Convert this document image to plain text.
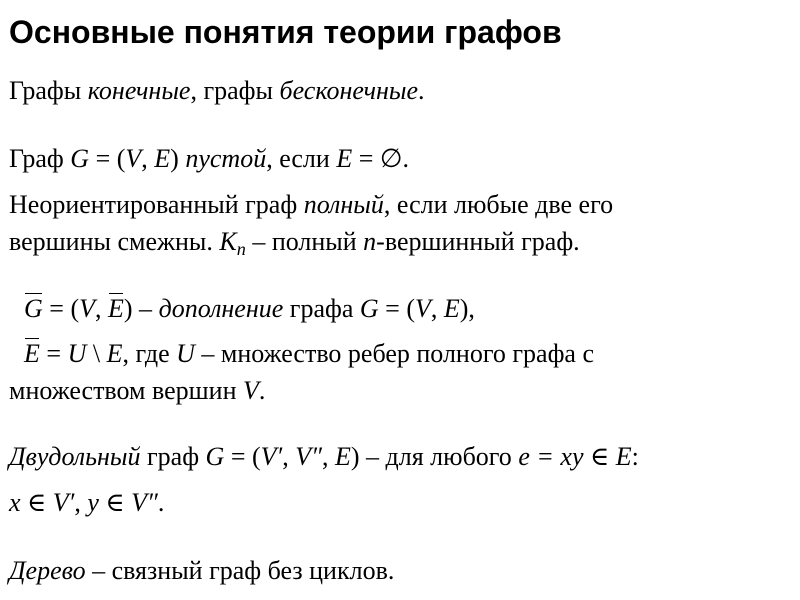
Основные понятия теории графов

Графы конечные, графы бесконечные.

Граф G = (V, E) пустой, если E = ∅.

Неориентированный граф полный, если любые две его

вершины смежны. $K_n$ – полный n-вершинный граф.

G = (V, E) – дополнение графа G = (V, E),

E = U \ E, где U – множество ребер полного графа с

множеством вершин V.

Двудольный граф G = (V′, V″, E) – для любого e = xy ∈ E:

x ∈ V′, y ∈ V″.

Дерево – связный граф без циклов.
